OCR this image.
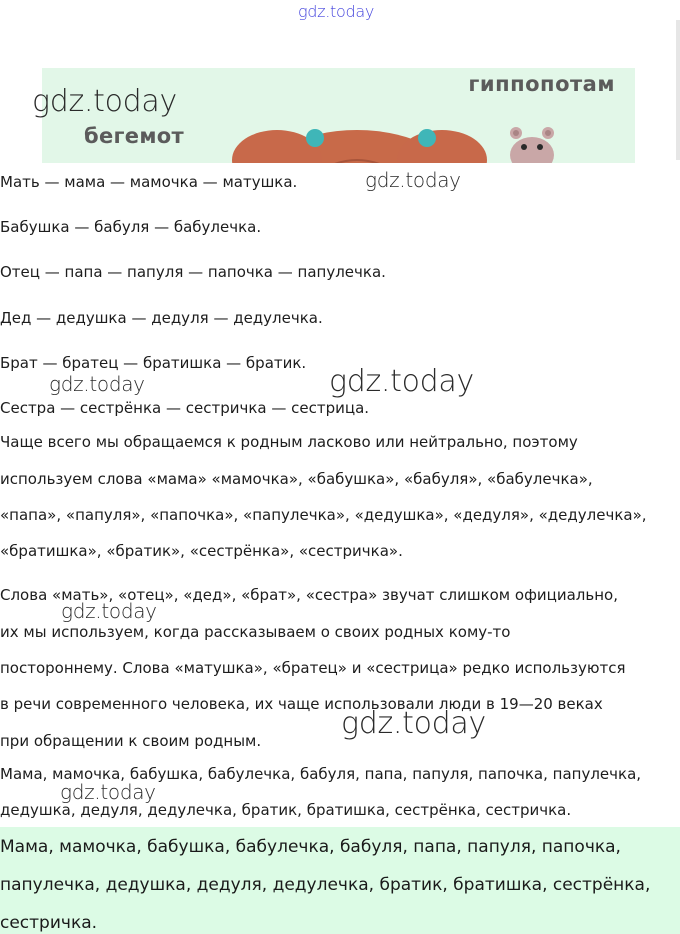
gdz.today
гиппопотам
бегемот
Мать — мама — мамочка — матушка.
Бабушка — бабуля — бабулечка.
Отец — папа — папуля — папочка — папулечка.
Дед — дедушка — дедуля — дедулечка.
Брат — братец — братишка — братик.
Сестра — сестрёнка — сестричка — сестрица.
Чаще всего мы обращаемся к родным ласково или нейтрально, поэтому
используем слова «мама» «мамочка», «бабушка», «бабуля», «бабулечка»,
«папа», «папуля», «папочка», «папулечка», «дедушка», «дедуля», «дедулечка»,
«братишка», «братик», «сестрёнка», «сестричка».
Слова «мать», «отец», «дед», «брат», «сестра» звучат слишком официально,
их мы используем, когда рассказываем о своих родных кому-то
постороннему. Слова «матушка», «братец» и «сестрица» редко используются
в речи современного человека, их чаще использовали люди в 19—20 веках
при обращении к своим родным.
Мама, мамочка, бабушка, бабулечка, бабуля, папа, папуля, папочка, папулечка,
дедушка, дедуля, дедулечка, братик, братишка, сестрёнка, сестричка.
Мама, мамочка, бабушка, бабулечка, бабуля, папа, папуля, папочка,
папулечка, дедушка, дедуля, дедулечка, братик, братишка, сестрёнка,
сестричка.
gdz.today
gdz.today
gdz.today	gdz.today
gdz.today
gdz.today
gdz.today
